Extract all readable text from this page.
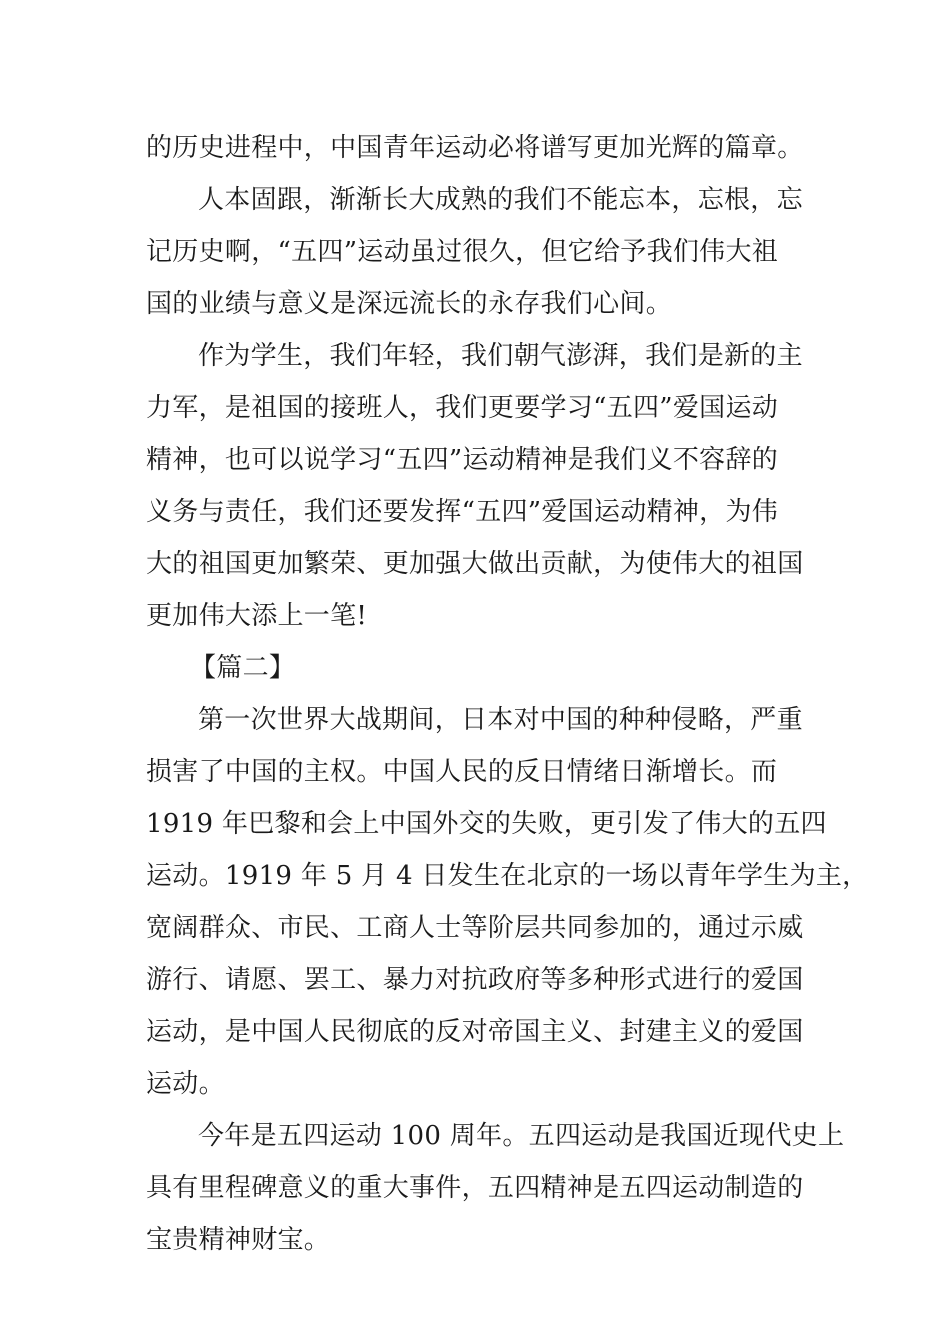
的历史进程中，中国青年运动必将谱写更加光辉的篇章。
人本固跟，渐渐长大成熟的我们不能忘本，忘根，忘
记历史啊，“五四”运动虽过很久，但它给予我们伟大祖
国的业绩与意义是深远流长的永存我们心间。
作为学生，我们年轻，我们朝气澎湃，我们是新的主
力军，是祖国的接班人，我们更要学习“五四”爱国运动
精神，也可以说学习“五四”运动精神是我们义不容辞的
义务与责任，我们还要发挥“五四”爱国运动精神，为伟
大的祖国更加繁荣、更加强大做出贡献，为使伟大的祖国
更加伟大添上一笔!
【篇二】
第一次世界大战期间，日本对中国的种种侵略，严重
损害了中国的主权。中国人民的反日情绪日渐增长。而
1919 年巴黎和会上中国外交的失败，更引发了伟大的五四
运动。1919 年 5 月 4 日发生在北京的一场以青年学生为主，
宽阔群众、市民、工商人士等阶层共同参加的，通过示威
游行、请愿、罢工、暴力对抗政府等多种形式进行的爱国
运动，是中国人民彻底的反对帝国主义、封建主义的爱国
运动。
今年是五四运动 100 周年。五四运动是我国近现代史上
具有里程碑意义的重大事件，五四精神是五四运动制造的
宝贵精神财宝。
